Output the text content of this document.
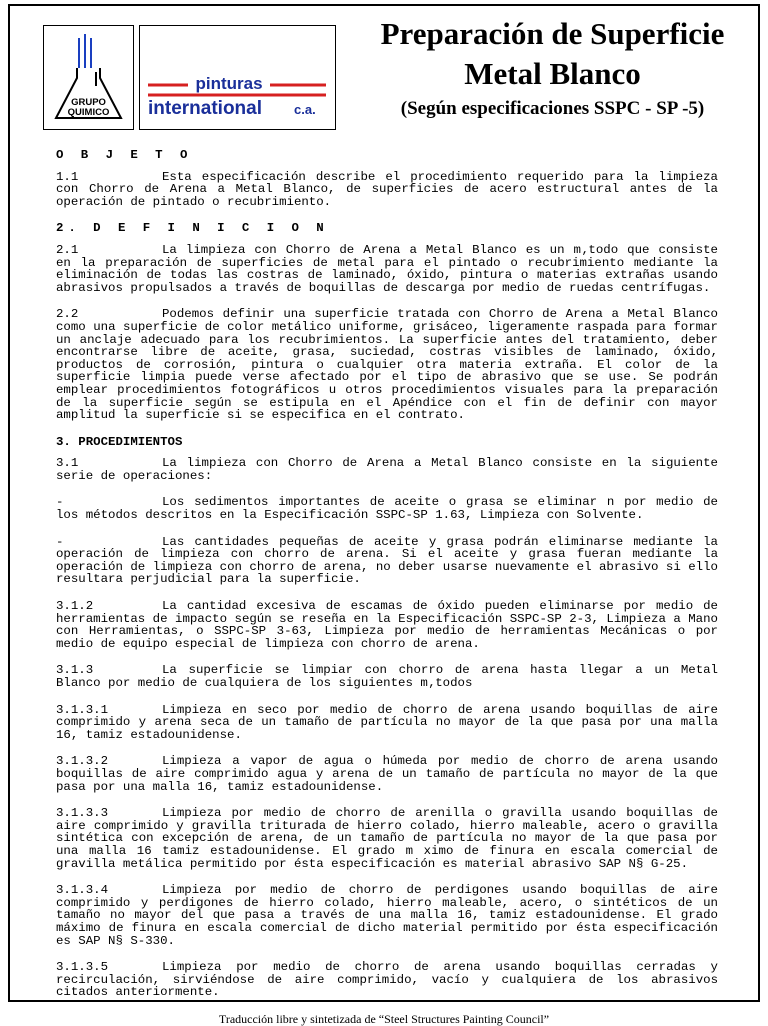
GRUPO
QUIMICO
pinturas
international c.a.
Preparación de Superficie
Metal Blanco
(Según especificaciones SSPC - SP -5)
O B J E T O
1.1	Esta especificación describe el procedimiento requerido para la limpieza con Chorro de Arena a Metal Blanco, de superficies de acero estructural antes de la operación de pintado o recubrimiento.
2. D E F I N I C I O N
2.1	La limpieza con Chorro de Arena a Metal Blanco es un m‚todo que consiste en la preparación de superficies de metal para el pintado o recubrimiento mediante la eliminación de todas las costras de laminado, óxido, pintura o materias extrañas usando abrasivos propulsados a través de boquillas de descarga por medio de ruedas centrífugas.
2.2	Podemos definir una superficie tratada con Chorro de Arena a Metal Blanco como una superficie de color metálico uniforme, grisáceo, ligeramente raspada para formar un anclaje adecuado para los recubrimientos. La superficie antes del tratamiento, deber encontrarse libre de aceite, grasa, suciedad, costras visibles de laminado, óxido, productos de corrosión, pintura o cualquier otra materia extraña. El color de la superficie limpia puede verse afectado por el tipo de abrasivo que se use. Se podrán emplear procedimientos fotográficos u otros procedimientos visuales para la preparación de la superficie según se estipula en el Apéndice con el fin de definir con mayor amplitud la superficie si se especifica en el contrato.
3. PROCEDIMIENTOS
3.1	La limpieza con Chorro de Arena a Metal Blanco consiste en la siguiente serie de operaciones:
-	Los sedimentos importantes de aceite o grasa se eliminar n por medio de los métodos descritos en la Especificación SSPC-SP 1.63, Limpieza con Solvente.
-	Las cantidades pequeñas de aceite y grasa podrán eliminarse mediante la operación de limpieza con chorro de arena. Si el aceite y grasa fueran mediante la operación de limpieza con chorro de arena, no deber usarse nuevamente el abrasivo si ello resultara perjudicial para la superficie.
3.1.2	La cantidad excesiva de escamas de óxido pueden eliminarse por medio de herramientas de impacto según se reseña en la Especificación SSPC-SP 2-3, Limpieza a Mano con Herramientas, o SSPC-SP 3-63, Limpieza por medio de herramientas Mecánicas o por medio de equipo especial de limpieza con chorro de arena.
3.1.3	La superficie se limpiar con chorro de arena hasta llegar a un Metal Blanco por medio de cualquiera de los siguientes m‚todos
3.1.3.1	Limpieza en seco por medio de chorro de arena usando boquillas de aire comprimido y arena seca de un tamaño de partícula no mayor de la que pasa por una malla 16, tamiz estadounidense.
3.1.3.2	Limpieza a vapor de agua o húmeda por medio de chorro de arena usando boquillas de aire comprimido agua y arena de un tamaño de partícula no mayor de la que pasa por una malla 16, tamiz estadounidense.
3.1.3.3	Limpieza por medio de chorro de arenilla o gravilla usando boquillas de aire comprimido y gravilla triturada de hierro colado, hierro maleable, acero o gravilla sintética con excepción de arena, de un tamaño de partícula no mayor de la que pasa por una malla 16 tamiz estadounidense. El grado m ximo de finura en escala comercial de gravilla metálica permitido por ésta especificación es material abrasivo SAP N§ G-25.
3.1.3.4	Limpieza por medio de chorro de perdigones usando boquillas de aire comprimido y perdigones de hierro colado, hierro maleable, acero, o sintéticos de un tamaño no mayor del que pasa a través de una malla 16, tamiz estadounidense. El grado máximo de finura en escala comercial de dicho material permitido por ésta especificación es SAP N§ S-330.
3.1.3.5	Limpieza por medio de chorro de arena usando boquillas cerradas y recirculación, sirviéndose de aire comprimido, vacío y cualquiera de los abrasivos citados anteriormente.
Traducción libre y sintetizada de “Steel Structures Painting Council”
